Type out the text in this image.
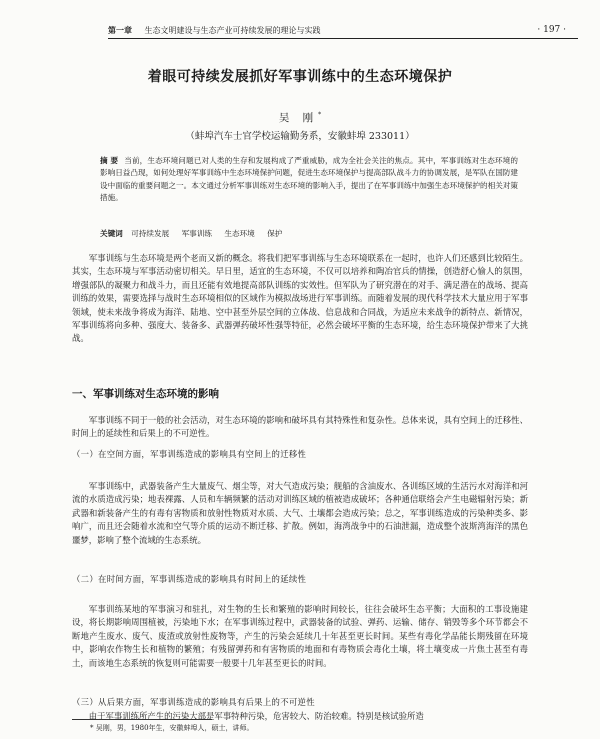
第一章 生态文明建设与生态产业可持续发展的理论与实践	· 197 ·
着眼可持续发展抓好军事训练中的生态环境保护
吴 刚*
（蚌埠汽车士官学校运输勤务系，安徽蚌埠 233011）
摘 要 当前，生态环境问题已对人类的生存和发展构成了严重威胁，成为全社会关注的焦点。其中，军事训练对生态环境的影响日益凸现，如何处理好军事训练中生态环境保护问题，促进生态环境保护与提高部队战斗力的协调发展，是军队在国防建设中面临的重要问题之一。本文通过分析军事训练对生态环境的影响入手，提出了在军事训练中加强生态环境保护的相关对策措施。
关键词 可持续发展 军事训练 生态环境 保护

军事训练与生态环境是两个老而又新的概念。将我们把军事训练与生态环境联系在一起时，也许人们还感到比较陌生。其实，生态环境与军事活动密切相关。早日里，适宜的生态环境，不仅可以培养和陶冶官兵的情操，创造舒心愉人的氛围，增强部队的凝聚力和战斗力，而且还能有效地提高部队训练的实效性。但军队为了研究潜在的对手、满足潜在的战场、提高训练的效果，需要选择与战时生态环境相似的区域作为模拟战场进行军事训练。而随着发展的现代科学技术大量应用于军事领域，使未来战争将成为海洋、陆地、空中甚至外层空间的立体战、信息战和合同战，为适应未来战争的新特点、新情况，军事训练将向多种、强度大、装备多、武器弹药破坏性强等特征，必然会破坏平衡的生态环境，给生态环境保护带来了大挑战。

一、军事训练对生态环境的影响

军事训练不同于一般的社会活动，对生态环境的影响和破坏具有其特殊性和复杂性。总体来说，具有空间上的迁移性、时间上的延续性和后果上的不可逆性。

（一）在空间方面，军事训练造成的影响具有空间上的迁移性

军事训练中，武器装备产生大量废气、烟尘等，对大气造成污染；舰船的含油废水、各训练区域的生活污水对海洋和河流的水质造成污染；地表裸露、人员和车辆频繁的活动对训练区域的植被造成破坏；各种通信联络会产生电磁辐射污染；新武器和新装备产生的有毒有害物质和放射性物质对水质、大气、土壤都会造成污染；总之，军事训练造成的污染种类多、影响广，而且还会随着水流和空气等介质的运动不断迁移、扩散。例如，海湾战争中的石油泄漏，造成整个波斯湾海洋的黑色噩梦，影响了整个流域的生态系统。

（二）在时间方面，军事训练造成的影响具有时间上的延续性

军事训练某地的军事演习和驻扎，对生物的生长和繁殖的影响时间较长，往往会破坏生态平衡；大面积的工事设施建设，将长期影响周围植被，污染地下水；在军事训练过程中，武器装备的试验、弹药、运输、储存、销毁等多个环节都会不断地产生废水、废气、废渣或放射性废物等，产生的污染会延续几十年甚至更长时间。某些有毒化学品能长期残留在环境中，影响农作物生长和植物的繁殖；有残留弹药和有害物质的地面和有毒物质会毒化土壤，将土壤变成一片焦土甚至有毒土，而该地生态系统的恢复则可能需要一般要十几年甚至更长的时间。

（三）从后果方面，军事训练造成的影响具有后果上的不可逆性

由于军事训练所产生的污染大部是军事特种污染，危害较大、防治较难。特别是核试验所造

* 吴刚，男，1980年生，安徽蚌埠人，硕士，讲师。
